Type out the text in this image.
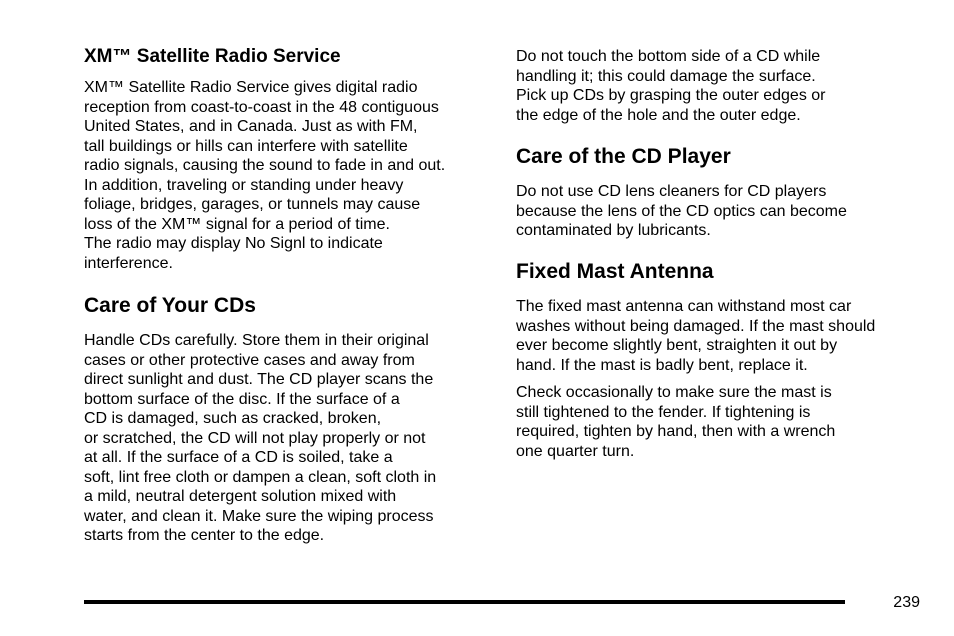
XM™ Satellite Radio Service

XM™ Satellite Radio Service gives digital radio
reception from coast-to-coast in the 48 contiguous
United States, and in Canada. Just as with FM,
tall buildings or hills can interfere with satellite
radio signals, causing the sound to fade in and out.
In addition, traveling or standing under heavy
foliage, bridges, garages, or tunnels may cause
loss of the XM™ signal for a period of time.
The radio may display No Signl to indicate
interference.

Care of Your CDs

Handle CDs carefully. Store them in their original
cases or other protective cases and away from
direct sunlight and dust. The CD player scans the
bottom surface of the disc. If the surface of a
CD is damaged, such as cracked, broken,
or scratched, the CD will not play properly or not
at all. If the surface of a CD is soiled, take a
soft, lint free cloth or dampen a clean, soft cloth in
a mild, neutral detergent solution mixed with
water, and clean it. Make sure the wiping process
starts from the center to the edge.

Do not touch the bottom side of a CD while
handling it; this could damage the surface.
Pick up CDs by grasping the outer edges or
the edge of the hole and the outer edge.

Care of the CD Player

Do not use CD lens cleaners for CD players
because the lens of the CD optics can become
contaminated by lubricants.

Fixed Mast Antenna

The fixed mast antenna can withstand most car
washes without being damaged. If the mast should
ever become slightly bent, straighten it out by
hand. If the mast is badly bent, replace it.

Check occasionally to make sure the mast is
still tightened to the fender. If tightening is
required, tighten by hand, then with a wrench
one quarter turn.

239
